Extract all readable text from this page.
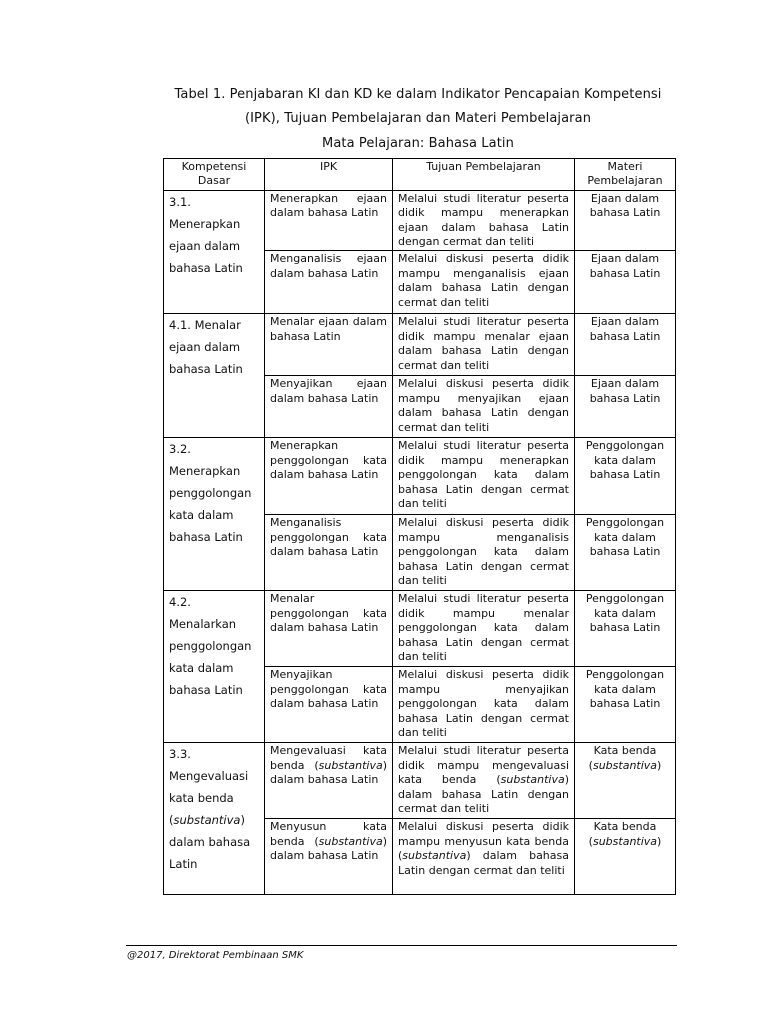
Tabel 1. Penjabaran KI dan KD ke dalam Indikator Pencapaian Kompetensi
(IPK), Tujuan Pembelajaran dan Materi Pembelajaran
Mata Pelajaran: Bahasa Latin
Kompetensi Dasar	IPK	Tujuan Pembelajaran	Materi Pembelajaran
3.1. Menerapkan ejaan dalam bahasa Latin	Menerapkan ejaan dalam bahasa Latin	Melalui studi literatur peserta didik mampu menerapkan ejaan dalam bahasa Latin dengan cermat dan teliti	Ejaan dalam bahasa Latin
	Menganalisis ejaan dalam bahasa Latin	Melalui diskusi peserta didik mampu menganalisis ejaan dalam bahasa Latin dengan cermat dan teliti	Ejaan dalam bahasa Latin
4.1. Menalar ejaan dalam bahasa Latin	Menalar ejaan dalam bahasa Latin	Melalui studi literatur peserta didik mampu menalar ejaan dalam bahasa Latin dengan cermat dan teliti	Ejaan dalam bahasa Latin
	Menyajikan ejaan dalam bahasa Latin	Melalui diskusi peserta didik mampu menyajikan ejaan dalam bahasa Latin dengan cermat dan teliti	Ejaan dalam bahasa Latin
3.2. Menerapkan penggolongan kata dalam bahasa Latin	Menerapkan penggolongan kata dalam bahasa Latin	Melalui studi literatur peserta didik mampu menerapkan penggolongan kata dalam bahasa Latin dengan cermat dan teliti	Penggolongan kata dalam bahasa Latin
	Menganalisis penggolongan kata dalam bahasa Latin	Melalui diskusi peserta didik mampu menganalisis penggolongan kata dalam bahasa Latin dengan cermat dan teliti	Penggolongan kata dalam bahasa Latin
4.2. Menalarkan penggolongan kata dalam bahasa Latin	Menalar penggolongan kata dalam bahasa Latin	Melalui studi literatur peserta didik mampu menalar penggolongan kata dalam bahasa Latin dengan cermat dan teliti	Penggolongan kata dalam bahasa Latin
	Menyajikan penggolongan kata dalam bahasa Latin	Melalui diskusi peserta didik mampu menyajikan penggolongan kata dalam bahasa Latin dengan cermat dan teliti	Penggolongan kata dalam bahasa Latin
3.3. Mengevaluasi kata benda (substantiva) dalam bahasa Latin	Mengevaluasi kata benda (substantiva) dalam bahasa Latin	Melalui studi literatur peserta didik mampu mengevaluasi kata benda (substantiva) dalam bahasa Latin dengan cermat dan teliti	Kata benda (substantiva)
	Menyusun kata benda (substantiva) dalam bahasa Latin	Melalui diskusi peserta didik mampu menyusun kata benda (substantiva) dalam bahasa Latin dengan cermat dan teliti	Kata benda (substantiva)
@2017, Direktorat Pembinaan SMK
